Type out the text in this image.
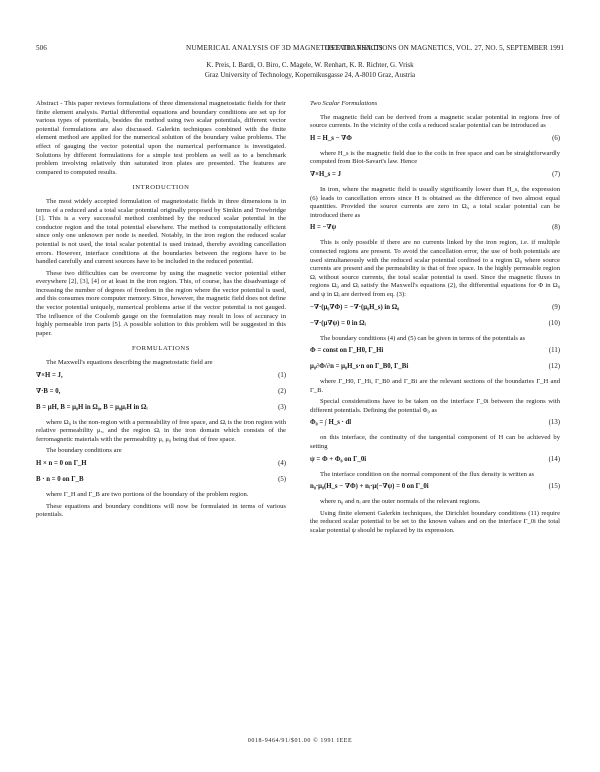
506	NUMERICAL ANALYSIS OF 3D MAGNETOSTATIC FIELDS
IEEE TRANSACTIONS ON MAGNETICS, VOL. 27, NO. 5, SEPTEMBER 1991
K. Preis, I. Bardi, O. Biro, C. Magele, W. Renhart, K. R. Richter, G. Vrisk
Graz University of Technology, Kopernikusgasse 24, A-8010 Graz, Austria

Abstract - This paper reviews formulations of three dimensional magnetostatic fields for their finite element analysis. Partial differential equations and boundary conditions are set up for various types of potentials, besides the method using two scalar potentials, different vector potential formulations are also discussed. Galerkin techniques combined with the finite element method are applied for the numerical solution of the boundary value problems. The effect of gauging the vector potential upon the numerical performance is investigated. Solutions by different formulations for a simple test problem as well as to a benchmark problem involving relatively thin saturated iron plates are presented. The features are compared to computed results.

INTRODUCTION

The most widely accepted formulation of magnetostatic fields in three dimensions is in terms of a reduced and a total scalar potential originally proposed by Simkin and Trowbridge [1]. This is a very successful method combined by the reduced scalar potential in the conductor region and the total potential elsewhere. The method is computationally efficient since only one unknown per node is needed. Notably, in the iron region the reduced scalar potential is not used, the total scalar potential is used instead, thereby avoiding cancellation errors. However, interface conditions at the boundaries between the regions have to be handled carefully and current sources have to be included in the reduced potential.

These two difficulties can be overcome by using the magnetic vector potential either everywhere [2], [3], [4] or at least in the iron region. This, of course, has the disadvantage of increasing the number of degrees of freedom in the region where the vector potential is used, and this consumes more computer memory. Since, however, the magnetic field does not define the vector potential uniquely, numerical problems arise if the vector potential is not gauged. The influence of the Coulomb gauge on the formulation may result in loss of accuracy in highly permeable iron parts [5]. A possible solution to this problem will be suggested in this paper.

FORMULATIONS

The Maxwell's equations describing the magnetostatic field are

∇×H = J,	(1)
∇·B = 0,	(2)
B = μH, B = μ₀H in Ω₀, B = μ₀μᵣH in Ωᵢ	(3)

where Ω₀ is the non-region with a permeability of free space, and Ωᵢ is the iron region with relative permeability μᵣ, and the region Ωᵢ in the iron domain which consists of the ferromagnetic materials with the permeability μ, μ₀ being that of free space.

The boundary conditions are

H × n = 0 on Γ_H	(4)
B · n = 0 on Γ_B	(5)

where Γ_H and Γ_B are two portions of the boundary of the problem region.

These equations and boundary conditions will now be formulated in terms of various potentials.

Two Scalar Formulations

The magnetic field can be derived from a magnetic scalar potential in regions free of source currents. In the vicinity of the coils a reduced scalar potential can be introduced as

H = H_s − ∇Φ	(6)

where H_s is the magnetic field due to the coils in free space and can be straightforwardly computed from Biot-Savart's law. Hence

∇×H_s = J	(7)

In iron, where the magnetic field is usually significantly lower than H_s, the expression (6) leads to cancellation errors since H is obtained as the difference of two almost equal quantities. Provided the source currents are zero in Ωᵢ, a total scalar potential can be introduced there as

H = −∇ψ	(8)

This is only possible if there are no currents linked by the iron region, i.e. if multiple connected regions are present. To avoid the cancellation error, the use of both potentials are used simultaneously with the reduced scalar potential confined to a region Ω₀ where source currents are present and the permeability is that of free space. In the highly permeable region Ωᵢ without source currents, the total scalar potential is used. Since the magnetic fluxes in regions Ω₀ and Ωᵢ satisfy the Maxwell's equations (2), the differential equations for Φ in Ω₀ and ψ in Ωᵢ are derived from eq. (3):

−∇·(μ₀∇Φ) = −∇·(μ₀H_s) in Ω₀	(9)
−∇·(μ∇ψ) = 0 in Ωᵢ	(10)

The boundary conditions (4) and (5) can be given in terms of the potentials as

Φ = const on Γ_H0, Γ_Hi	(11)
μ₀∂Φ/∂n = μ₀H_s·n on Γ_B0, Γ_Bi	(12)

where Γ_H0, Γ_Hi, Γ_B0 and Γ_Bi are the relevant sections of the boundaries Γ_H and Γ_B.

Special considerations have to be taken on the interface Γ_0i between the regions with different potentials. Defining the potential Φ₀ as

Φ₀ = ∫ H_s · dl	(13)

on this interface, the continuity of the tangential component of H can be achieved by setting

ψ = Φ + Φ₀ on Γ_0i	(14)

The interface condition on the normal component of the flux density is written as

n₀·μ₀(H_s − ∇Φ) + nᵢ·μ(−∇ψ) = 0 on Γ_0i	(15)

where n₀ and nᵢ are the outer normals of the relevant regions.

Using finite element Galerkin techniques, the Dirichlet boundary conditions (11) require the reduced scalar potential to be set to the known values and on the interface Γ_0i the total scalar potential ψ should be replaced by its expression.

0018-9464/91/$01.00 © 1991 IEEE
